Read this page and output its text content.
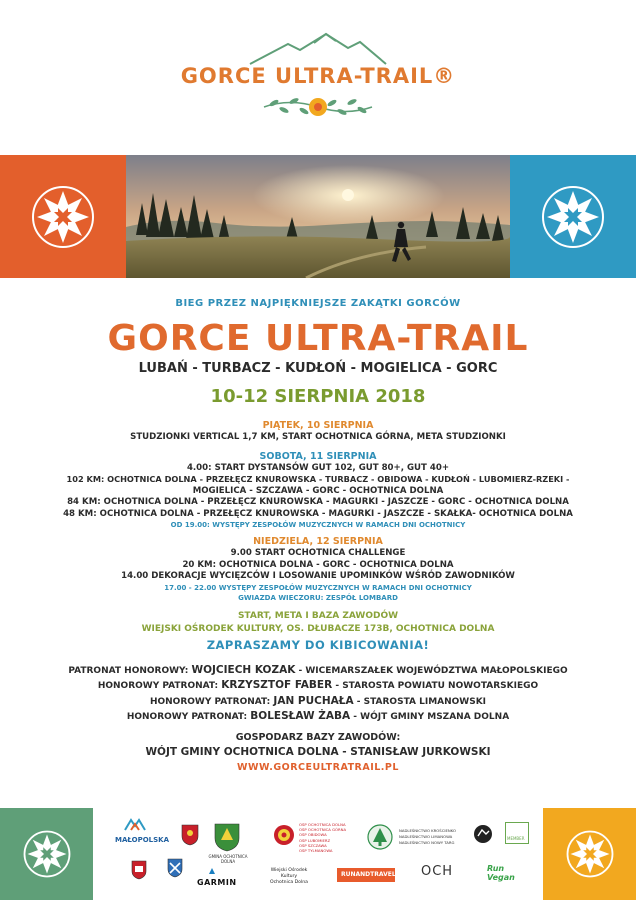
GORCE ULTRA-TRAIL®
BIEG PRZEZ NAJPIĘKNIEJSZE ZAKĄTKI GORCÓW
GORCE ULTRA-TRAIL
LUBAŃ - TURBACZ - KUDŁOŃ - MOGIELICA - GORC
10-12 SIERPNIA 2018
PIĄTEK, 10 SIERPNIA
STUDZIONKI VERTICAL 1,7 KM, START OCHOTNICA GÓRNA, META STUDZIONKI
SOBOTA, 11 SIERPNIA
4.00: START DYSTANSÓW GUT 102, GUT 80+, GUT 40+
102 KM: OCHOTNICA DOLNA - PRZEŁĘCZ KNUROWSKA - TURBACZ - OBIDOWA - KUDŁOŃ - LUBOMIERZ-RZEKI -
MOGIELICA - SZCZAWA - GORC - OCHOTNICA DOLNA
84 KM: OCHOTNICA DOLNA - PRZEŁĘCZ KNUROWSKA - MAGURKI - JASZCZE - GORC - OCHOTNICA DOLNA
48 KM: OCHOTNICA DOLNA - PRZEŁĘCZ KNUROWSKA - MAGURKI - JASZCZE - SKAŁKA- OCHOTNICA DOLNA
OD 19.00: WYSTĘPY ZESPOŁÓW MUZYCZNYCH W RAMACH DNI OCHOTNICY
NIEDZIELA, 12 SIERPNIA
9.00 START OCHOTNICA CHALLENGE
20 KM: OCHOTNICA DOLNA - GORC - OCHOTNICA DOLNA
14.00 DEKORACJE WYCIĘZCÓW I LOSOWANIE UPOMINKÓW WŚRÓD ZAWODNIKÓW
17.00 - 22.00 WYSTĘPY ZESPOŁÓW MUZYCZNYCH W RAMACH DNI OCHOTNICY
GWIAZDA WIECZORU: ZESPÓŁ LOMBARD
START, META I BAZA ZAWODÓW
WIEJSKI OŚRODEK KULTURY, OS. DŁUBACZE 173B, OCHOTNICA DOLNA
ZAPRASZAMY DO KIBICOWANIA!
PATRONAT HONOROWY: WOJCIECH KOZAK - WICEMARSZAŁEK WOJEWÓDZTWA MAŁOPOLSKIEGO
HONOROWY PATRONAT: KRZYSZTOF FABER - STAROSTA POWIATU NOWOTARSKIEGO
HONOROWY PATRONAT: JAN PUCHAŁA - STAROSTA LIMANOWSKI
HONOROWY PATRONAT: BOLESŁAW ŻABA - WÓJT GMINY MSZANA DOLNA
GOSPODARZ BAZY ZAWODÓW:
WÓJT GMINY OCHOTNICA DOLNA - STANISŁAW JURKOWSKI
WWW.GORCEULTRATRAIL.PL
MAŁOPOLSKA
GMINA OCHOTNICA DOLNA
GARMIN
OSP OCHOTNICA DOLNA
OSP OCHOTNICA GÓRNA
OSP OBIDOWA
OSP LUBOMIERZ
OSP SZCZAWA
OSP TYLMANOWA
Wiejski Ośrodek
Kultury
Ochotnica Dolna
RUNANDTRAVEL.pl
NADLEŚNICTWO KROŚCIENKO
NADLEŚNICTWO LIMANOWA
NADLEŚNICTWO NOWY TARG
OCH	Run Vegan
MEMBER
